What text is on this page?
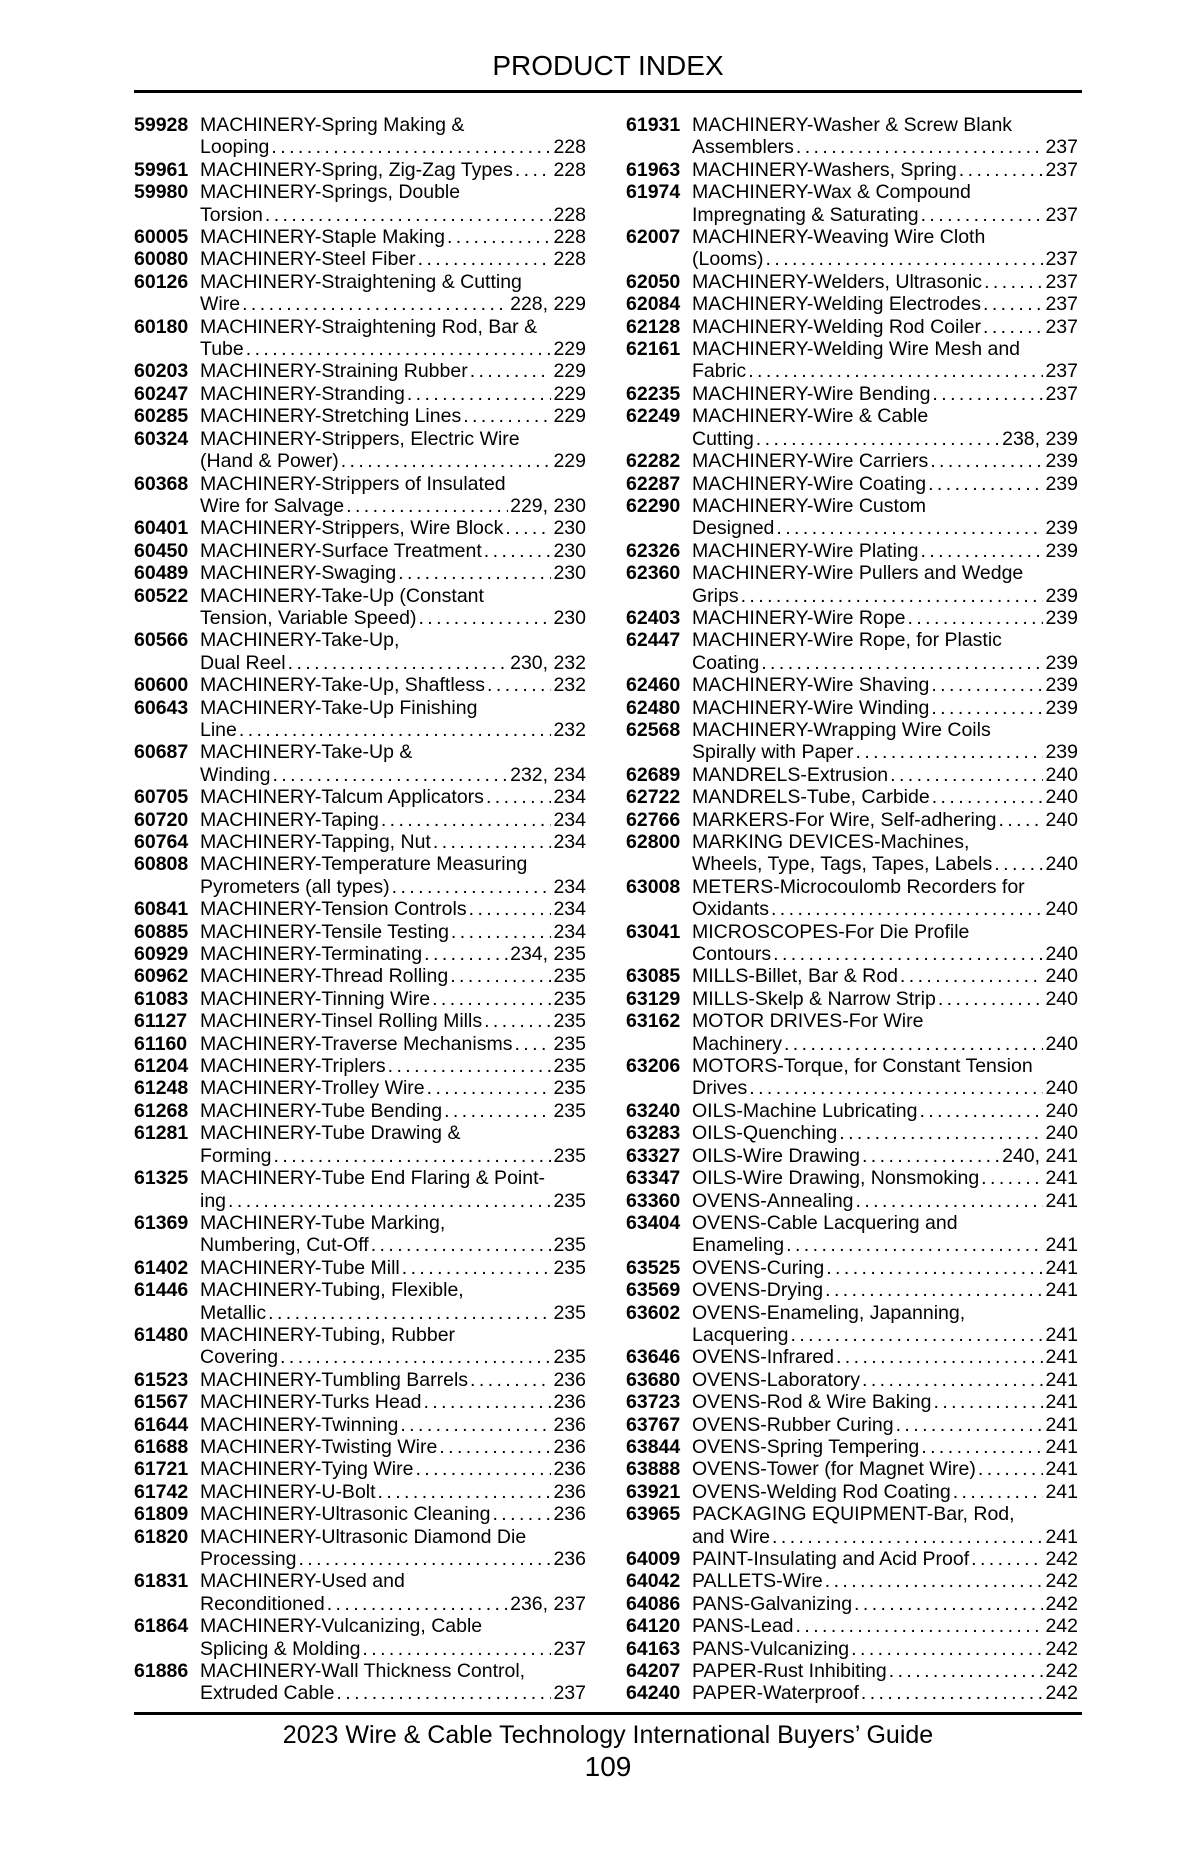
PRODUCT INDEX
59928 MACHINERY-Spring Making &
Looping . . .	228
59961 MACHINERY-Spring, Zig-Zag Types . . . 228
59980 MACHINERY-Springs, Double
Torsion . . .	228
60005 MACHINERY-Staple Making . . .	228
60080 MACHINERY-Steel Fiber . . .	228
60126 MACHINERY-Straightening & Cutting
Wire . . .	228, 229
60180 MACHINERY-Straightening Rod, Bar &
Tube . . .	229
60203 MACHINERY-Straining Rubber . . .	229
60247 MACHINERY-Stranding . . .	229
60285 MACHINERY-Stretching Lines . . .	229
60324 MACHINERY-Strippers, Electric Wire
(Hand & Power) . . .	229
60368 MACHINERY-Strippers of Insulated
Wire for Salvage . . .	229, 230
60401 MACHINERY-Strippers, Wire Block . . .	230
60450 MACHINERY-Surface Treatment . . .	230
60489 MACHINERY-Swaging . . .	230
60522 MACHINERY-Take-Up (Constant
Tension, Variable Speed) . . .	230
60566 MACHINERY-Take-Up,
Dual Reel . . .	230, 232
60600 MACHINERY-Take-Up, Shaftless . . .	232
60643 MACHINERY-Take-Up Finishing
Line . . .	232
60687 MACHINERY-Take-Up &
Winding . . .	232, 234
60705 MACHINERY-Talcum Applicators . . .	234
60720 MACHINERY-Taping . . .	234
60764 MACHINERY-Tapping, Nut . . .	234
60808 MACHINERY-Temperature Measuring
Pyrometers (all types) . . .	234
60841 MACHINERY-Tension Controls . . .	234
60885 MACHINERY-Tensile Testing . . .	234
60929 MACHINERY-Terminating . . .	234, 235
60962 MACHINERY-Thread Rolling . . .	235
61083 MACHINERY-Tinning Wire . . .	235
61127 MACHINERY-Tinsel Rolling Mills . . .	235
61160 MACHINERY-Traverse Mechanisms . . . 235
61204 MACHINERY-Triplers . . .	235
61248 MACHINERY-Trolley Wire . . .	235
61268 MACHINERY-Tube Bending . . .	235
61281 MACHINERY-Tube Drawing &
Forming . . .	235
61325 MACHINERY-Tube End Flaring & Point-
ing . . .	235
61369 MACHINERY-Tube Marking,
Numbering, Cut-Off . . .	235
61402 MACHINERY-Tube Mill . . .	235
61446 MACHINERY-Tubing, Flexible,
Metallic . . .	235
61480 MACHINERY-Tubing, Rubber
Covering . . .	235
61523 MACHINERY-Tumbling Barrels . . .	236
61567 MACHINERY-Turks Head . . .	236
61644 MACHINERY-Twinning . . .	236
61688 MACHINERY-Twisting Wire . . .	236
61721 MACHINERY-Tying Wire . . .	236
61742 MACHINERY-U-Bolt . . .	236
61809 MACHINERY-Ultrasonic Cleaning . . .	236
61820 MACHINERY-Ultrasonic Diamond Die
Processing . . .	236
61831 MACHINERY-Used and
Reconditioned . . .	236, 237
61864 MACHINERY-Vulcanizing, Cable
Splicing & Molding . . .	237
61886 MACHINERY-Wall Thickness Control,
Extruded Cable . . .	237
61931 MACHINERY-Washer & Screw Blank
Assemblers . . .	237
61963 MACHINERY-Washers, Spring . . .	237
61974 MACHINERY-Wax & Compound
Impregnating & Saturating . . .	237
62007 MACHINERY-Weaving Wire Cloth
(Looms) . . .	237
62050 MACHINERY-Welders, Ultrasonic . . .	237
62084 MACHINERY-Welding Electrodes . . .	237
62128 MACHINERY-Welding Rod Coiler . . .	237
62161 MACHINERY-Welding Wire Mesh and
Fabric . . .	237
62235 MACHINERY-Wire Bending . . .	237
62249 MACHINERY-Wire & Cable
Cutting . . .	238, 239
62282 MACHINERY-Wire Carriers . . .	239
62287 MACHINERY-Wire Coating . . .	239
62290 MACHINERY-Wire Custom
Designed . . .	239
62326 MACHINERY-Wire Plating . . .	239
62360 MACHINERY-Wire Pullers and Wedge
Grips . . .	239
62403 MACHINERY-Wire Rope . . .	239
62447 MACHINERY-Wire Rope, for Plastic
Coating . . .	239
62460 MACHINERY-Wire Shaving . . .	239
62480 MACHINERY-Wire Winding . . .	239
62568 MACHINERY-Wrapping Wire Coils
Spirally with Paper . . .	239
62689 MANDRELS-Extrusion . . .	240
62722 MANDRELS-Tube, Carbide . . .	240
62766 MARKERS-For Wire, Self-adhering . . .	240
62800 MARKING DEVICES-Machines,
Wheels, Type, Tags, Tapes, Labels . . .	240
63008 METERS-Microcoulomb Recorders for
Oxidants . . .	240
63041 MICROSCOPES-For Die Profile
Contours . . .	240
63085 MILLS-Billet, Bar & Rod . . .	240
63129 MILLS-Skelp & Narrow Strip . . .	240
63162 MOTOR DRIVES-For Wire
Machinery . . .	240
63206 MOTORS-Torque, for Constant Tension
Drives . . .	240
63240 OILS-Machine Lubricating . . .	240
63283 OILS-Quenching . . .	240
63327 OILS-Wire Drawing . . .	240, 241
63347 OILS-Wire Drawing, Nonsmoking . . .	241
63360 OVENS-Annealing . . .	241
63404 OVENS-Cable Lacquering and
Enameling . . .	241
63525 OVENS-Curing . . .	241
63569 OVENS-Drying . . .	241
63602 OVENS-Enameling, Japanning,
Lacquering . . .	241
63646 OVENS-Infrared . . .	241
63680 OVENS-Laboratory . . .	241
63723 OVENS-Rod & Wire Baking . . .	241
63767 OVENS-Rubber Curing . . .	241
63844 OVENS-Spring Tempering . . .	241
63888 OVENS-Tower (for Magnet Wire) . . .	241
63921 OVENS-Welding Rod Coating . . .	241
63965 PACKAGING EQUIPMENT-Bar, Rod,
and Wire . . .	241
64009 PAINT-Insulating and Acid Proof . . .	242
64042 PALLETS-Wire . . .	242
64086 PANS-Galvanizing . . .	242
64120 PANS-Lead . . .	242
64163 PANS-Vulcanizing . . .	242
64207 PAPER-Rust Inhibiting . . .	242
64240 PAPER-Waterproof . . .	242
2023 Wire & Cable Technology International Buyers’ Guide
109
